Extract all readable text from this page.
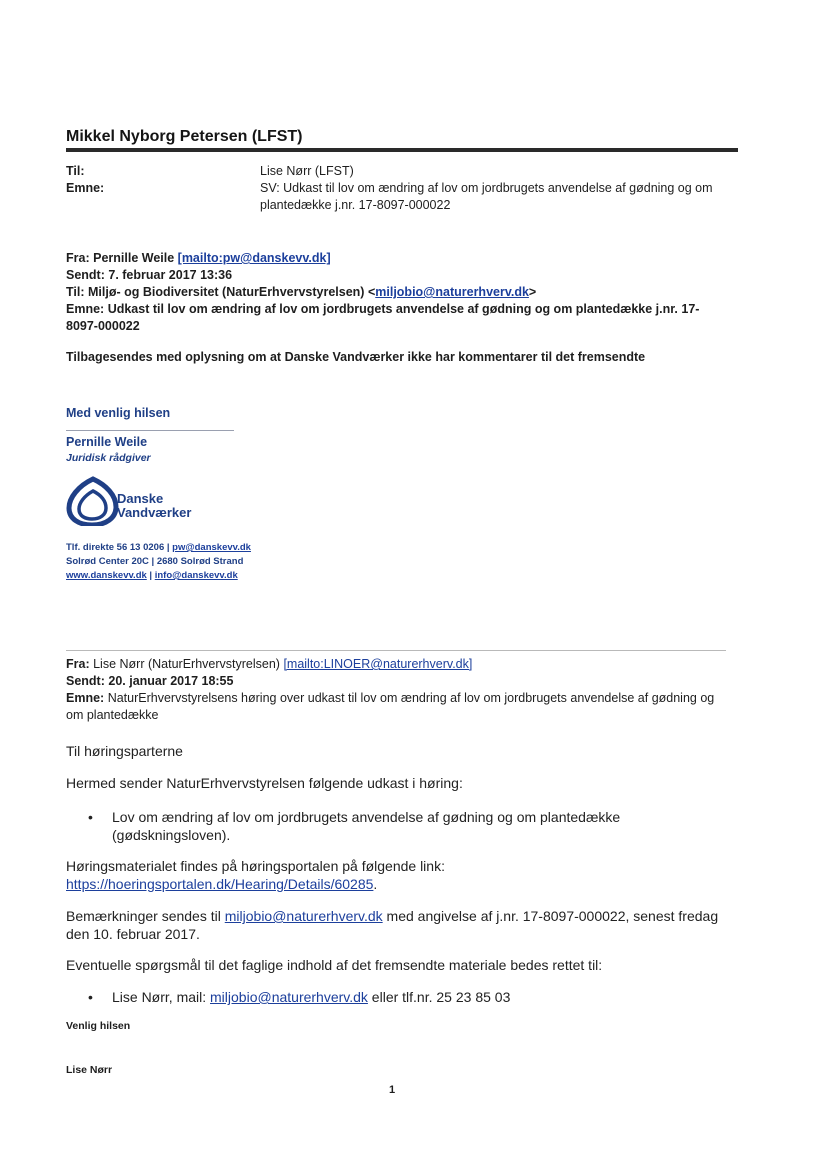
Mikkel Nyborg Petersen (LFST)
Til:	Lise Nørr (LFST)
Emne:	SV: Udkast til lov om ændring af lov om jordbrugets anvendelse af gødning og om plantedække j.nr. 17-8097-000022
Fra: Pernille Weile [mailto:pw@danskevv.dk]
Sendt: 7. februar 2017 13:36
Til: Miljø- og Biodiversitet (NaturErhvervstyrelsen) <miljobio@naturerhverv.dk>
Emne: Udkast til lov om ændring af lov om jordbrugets anvendelse af gødning og om plantedække j.nr. 17-8097-000022
Tilbagesendes med oplysning om at Danske Vandværker ikke har kommentarer til det fremsendte
Med venlig hilsen
Pernille Weile
Juridisk rådgiver
Danske
Vandværker
Tlf. direkte 56 13 0206 | pw@danskevv.dk
Solrød Center 20C | 2680 Solrød Strand
www.danskevv.dk | info@danskevv.dk
Fra: Lise Nørr (NaturErhvervstyrelsen) [mailto:LINOER@naturerhverv.dk]
Sendt: 20. januar 2017 18:55
Emne: NaturErhvervstyrelsens høring over udkast til lov om ændring af lov om jordbrugets anvendelse af gødning og om plantedække
Til høringsparterne
Hermed sender NaturErhvervstyrelsen følgende udkast i høring:
• Lov om ændring af lov om jordbrugets anvendelse af gødning og om plantedække (gødskningsloven).
Høringsmaterialet findes på høringsportalen på følgende link:
https://hoeringsportalen.dk/Hearing/Details/60285.
Bemærkninger sendes til miljobio@naturerhverv.dk med angivelse af j.nr. 17-8097-000022, senest fredag den 10. februar 2017.
Eventuelle spørgsmål til det faglige indhold af det fremsendte materiale bedes rettet til:
• Lise Nørr, mail: miljobio@naturerhverv.dk eller tlf.nr. 25 23 85 03
Venlig hilsen
Lise Nørr
1
